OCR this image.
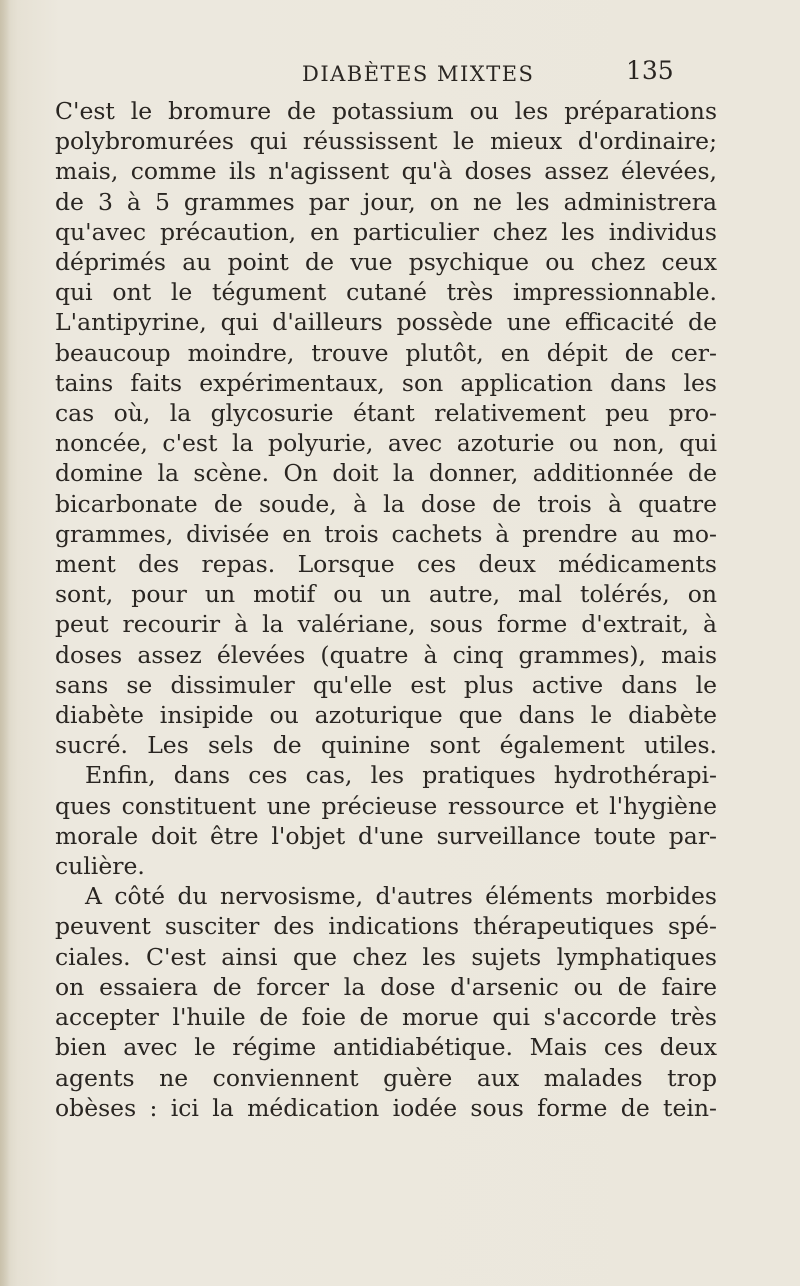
DIABÈTES MIXTES	135
C'est le bromure de potassium ou les préparations
polybromurées qui réussissent le mieux d'ordinaire;
mais, comme ils n'agissent qu'à doses assez élevées,
de 3 à 5 grammes par jour, on ne les administrera
qu'avec précaution, en particulier chez les individus
déprimés au point de vue psychique ou chez ceux
qui ont le tégument cutané très impressionnable.
L'antipyrine, qui d'ailleurs possède une efficacité de
beaucoup moindre, trouve plutôt, en dépit de cer-
tains faits expérimentaux, son application dans les
cas où, la glycosurie étant relativement peu pro-
noncée, c'est la polyurie, avec azoturie ou non, qui
domine la scène. On doit la donner, additionnée de
bicarbonate de soude, à la dose de trois à quatre
grammes, divisée en trois cachets à prendre au mo-
ment des repas. Lorsque ces deux médicaments
sont, pour un motif ou un autre, mal tolérés, on
peut recourir à la valériane, sous forme d'extrait, à
doses assez élevées (quatre à cinq grammes), mais
sans se dissimuler qu'elle est plus active dans le
diabète insipide ou azoturique que dans le diabète
sucré. Les sels de quinine sont également utiles.
Enfin, dans ces cas, les pratiques hydrothérapi-
ques constituent une précieuse ressource et l'hygiène
morale doit être l'objet d'une surveillance toute par-
culière.
A côté du nervosisme, d'autres éléments morbides
peuvent susciter des indications thérapeutiques spé-
ciales. C'est ainsi que chez les sujets lymphatiques
on essaiera de forcer la dose d'arsenic ou de faire
accepter l'huile de foie de morue qui s'accorde très
bien avec le régime antidiabétique. Mais ces deux
agents ne conviennent guère aux malades trop
obèses : ici la médication iodée sous forme de tein-
